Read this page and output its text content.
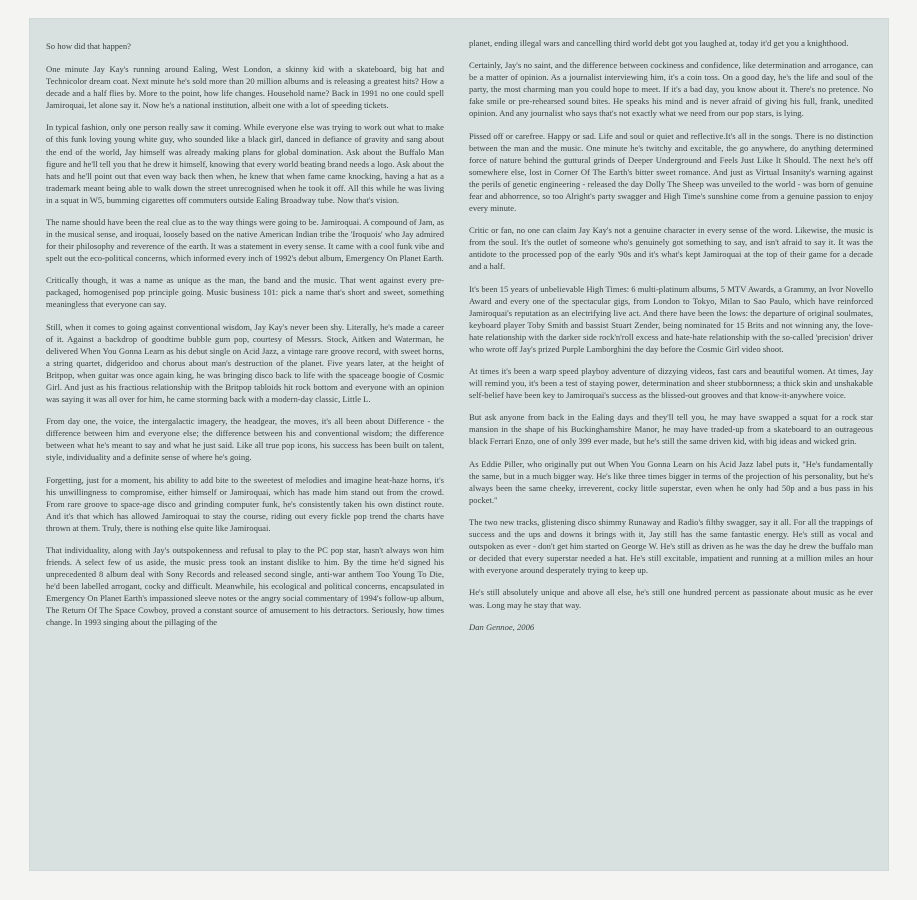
So how did that happen?

One minute Jay Kay's running around Ealing, West London, a skinny kid with a skateboard, big hat and Technicolor dream coat. Next minute he's sold more than 20 million albums and is releasing a greatest hits? How a decade and a half flies by. More to the point, how life changes. Household name? Back in 1991 no one could spell Jamiroquai, let alone say it. Now he's a national institution, albeit one with a lot of speeding tickets.

In typical fashion, only one person really saw it coming. While everyone else was trying to work out what to make of this funk loving young white guy, who sounded like a black girl, danced in defiance of gravity and sang about the end of the world, Jay himself was already making plans for global domination. Ask about the Buffalo Man figure and he'll tell you that he drew it himself, knowing that every world beating brand needs a logo. Ask about the hats and he'll point out that even way back then when, he knew that when fame came knocking, having a hat as a trademark meant being able to walk down the street unrecognised when he took it off. All this while he was living in a squat in W5, bumming cigarettes off commuters outside Ealing Broadway tube. Now that's vision.

The name should have been the real clue as to the way things were going to be. Jamiroquai. A compound of Jam, as in the musical sense, and iroquai, loosely based on the native American Indian tribe the 'Iroquois' who Jay admired for their philosophy and reverence of the earth. It was a statement in every sense. It came with a cool funk vibe and spelt out the eco-political concerns, which informed every inch of 1992's debut album, Emergency On Planet Earth.

Critically though, it was a name as unique as the man, the band and the music. That went against every pre-packaged, homogenised pop principle going. Music business 101: pick a name that's short and sweet, something meaningless that everyone can say.

Still, when it comes to going against conventional wisdom, Jay Kay's never been shy. Literally, he's made a career of it. Against a backdrop of goodtime bubble gum pop, courtesy of Messrs. Stock, Aitken and Waterman, he delivered When You Gonna Learn as his debut single on Acid Jazz, a vintage rare groove record, with sweet horns, a string quartet, didgeridoo and chorus about man's destruction of the planet. Five years later, at the height of Britpop, when guitar was once again king, he was bringing disco back to life with the spaceage boogie of Cosmic Girl. And just as his fractious relationship with the Britpop tabloids hit rock bottom and everyone with an opinion was saying it was all over for him, he came storming back with a modern-day classic, Little L.

From day one, the voice, the intergalactic imagery, the headgear, the moves, it's all been about Difference - the difference between him and everyone else; the difference between his and conventional wisdom; the difference between what he's meant to say and what he just said. Like all true pop icons, his success has been built on talent, style, individuality and a definite sense of where he's going.

Forgetting, just for a moment, his ability to add bite to the sweetest of melodies and imagine heat-haze horns, it's his unwillingness to compromise, either himself or Jamiroquai, which has made him stand out from the crowd. From rare groove to space-age disco and grinding computer funk, he's consistently taken his own distinct route. And it's that which has allowed Jamiroquai to stay the course, riding out every fickle pop trend the charts have thrown at them. Truly, there is nothing else quite like Jamiroquai.

That individuality, along with Jay's outspokenness and refusal to play to the PC pop star, hasn't always won him friends. A select few of us aside, the music press took an instant dislike to him. By the time he'd signed his unprecedented 8 album deal with Sony Records and released second single, anti-war anthem Too Young To Die, he'd been labelled arrogant, cocky and difficult. Meanwhile, his ecological and political concerns, encapsulated in Emergency On Planet Earth's impassioned sleeve notes or the angry social commentary of 1994's follow-up album, The Return Of The Space Cowboy, proved a constant source of amusement to his detractors. Seriously, how times change. In 1993 singing about the pillaging of the

planet, ending illegal wars and cancelling third world debt got you laughed at, today it'd get you a knighthood.

Certainly, Jay's no saint, and the difference between cockiness and confidence, like determination and arrogance, can be a matter of opinion. As a journalist interviewing him, it's a coin toss. On a good day, he's the life and soul of the party, the most charming man you could hope to meet. If it's a bad day, you know about it. There's no pretence. No fake smile or pre-rehearsed sound bites. He speaks his mind and is never afraid of giving his full, frank, unedited opinion. And any journalist who says that's not exactly what we need from our pop stars, is lying.

Pissed off or carefree. Happy or sad. Life and soul or quiet and reflective.It's all in the songs. There is no distinction between the man and the music. One minute he's twitchy and excitable, the go anywhere, do anything determined force of nature behind the guttural grinds of Deeper Underground and Feels Just Like It Should. The next he's off somewhere else, lost in Corner Of The Earth's bitter sweet romance. And just as Virtual Insanity's warning against the perils of genetic engineering - released the day Dolly The Sheep was unveiled to the world - was born of genuine fear and abhorrence, so too Alright's party swagger and High Time's sunshine come from a genuine passion to enjoy every minute.

Critic or fan, no one can claim Jay Kay's not a genuine character in every sense of the word. Likewise, the music is from the soul. It's the outlet of someone who's genuinely got something to say, and isn't afraid to say it. It was the antidote to the processed pop of the early '90s and it's what's kept Jamiroquai at the top of their game for a decade and a half.

It's been 15 years of unbelievable High Times: 6 multi-platinum albums, 5 MTV Awards, a Grammy, an Ivor Novello Award and every one of the spectacular gigs, from London to Tokyo, Milan to Sao Paulo, which have reinforced Jamiroquai's reputation as an electrifying live act. And there have been the lows: the departure of original soulmates, keyboard player Toby Smith and bassist Stuart Zender, being nominated for 15 Brits and not winning any, the love-hate relationship with the darker side rock'n'roll excess and hate-hate relationship with the so-called 'precision' driver who wrote off Jay's prized Purple Lamborghini the day before the Cosmic Girl video shoot.

At times it's been a warp speed playboy adventure of dizzying videos, fast cars and beautiful women. At times, Jay will remind you, it's been a test of staying power, determination and sheer stubbornness; a thick skin and unshakable self-belief have been key to Jamiroquai's success as the blissed-out grooves and that know-it-anywhere voice.

But ask anyone from back in the Ealing days and they'll tell you, he may have swapped a squat for a rock star mansion in the shape of his Buckinghamshire Manor, he may have traded-up from a skateboard to an outrageous black Ferrari Enzo, one of only 399 ever made, but he's still the same driven kid, with big ideas and wicked grin.

As Eddie Piller, who originally put out When You Gonna Learn on his Acid Jazz label puts it, "He's fundamentally the same, but in a much bigger way. He's like three times bigger in terms of the projection of his personality, but he's always been the same cheeky, irreverent, cocky little superstar, even when he only had 50p and a bus pass in his pocket."

The two new tracks, glistening disco shimmy Runaway and Radio's filthy swagger, say it all. For all the trappings of success and the ups and downs it brings with it, Jay still has the same fantastic energy. He's still as vocal and outspoken as ever - don't get him started on George W. He's still as driven as he was the day he drew the buffalo man or decided that every superstar needed a hat. He's still excitable, impatient and running at a million miles an hour with everyone around desperately trying to keep up.

He's still absolutely unique and above all else, he's still one hundred percent as passionate about music as he ever was. Long may he stay that way.

Dan Gennoe, 2006
